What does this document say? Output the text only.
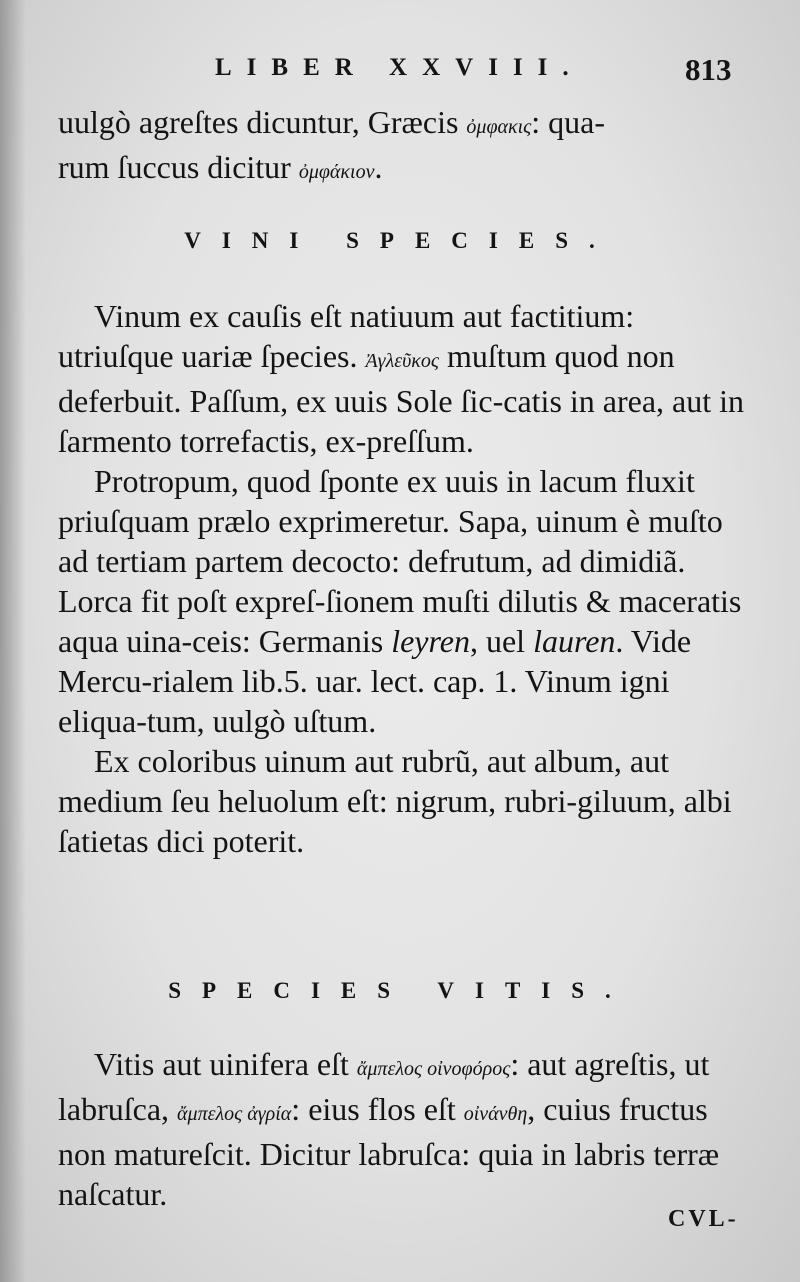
LIBER XXVIII.	813

uulgò agreſtes dicuntur, Græcis ὀμφακις: qua-

rum ſuccus dicitur ὀμφάκιον.

VINI SPECIES.

Vinum ex cauſis eſt natiuum aut factitium: utriuſque uariæ ſpecies. Ἀγλεῦκος muſtum quod non deferbuit. Paſſum, ex uuis Sole ſic-catis in area, aut in ſarmento torrefactis, ex-preſſum.

Protropum, quod ſponte ex uuis in lacum fluxit priuſquam prælo exprimeretur. Sapa, uinum è muſto ad tertiam partem decocto: defrutum, ad dimidiã. Lorca fit poſt expreſ-ſionem muſti dilutis & maceratis aqua uina-ceis: Germanis leyren, uel lauren. Vide Mercu-rialem lib.5. uar. lect. cap. 1. Vinum igni eliqua-tum, uulgò uſtum.

Ex coloribus uinum aut rubrũ, aut album, aut medium ſeu heluolum eſt: nigrum, rubri-giluum, albi ſatietas dici poterit.

SPECIES VITIS.

Vitis aut uinifera eſt ἄμπελος οἰνοφόρος: aut agreſtis, ut labruſca, ἄμπελος ἀγρία: eius flos eſt οἰνάνθη, cuius fructus non matureſcit. Dicitur labruſca: quia in labris terræ naſcatur.

CVL-
